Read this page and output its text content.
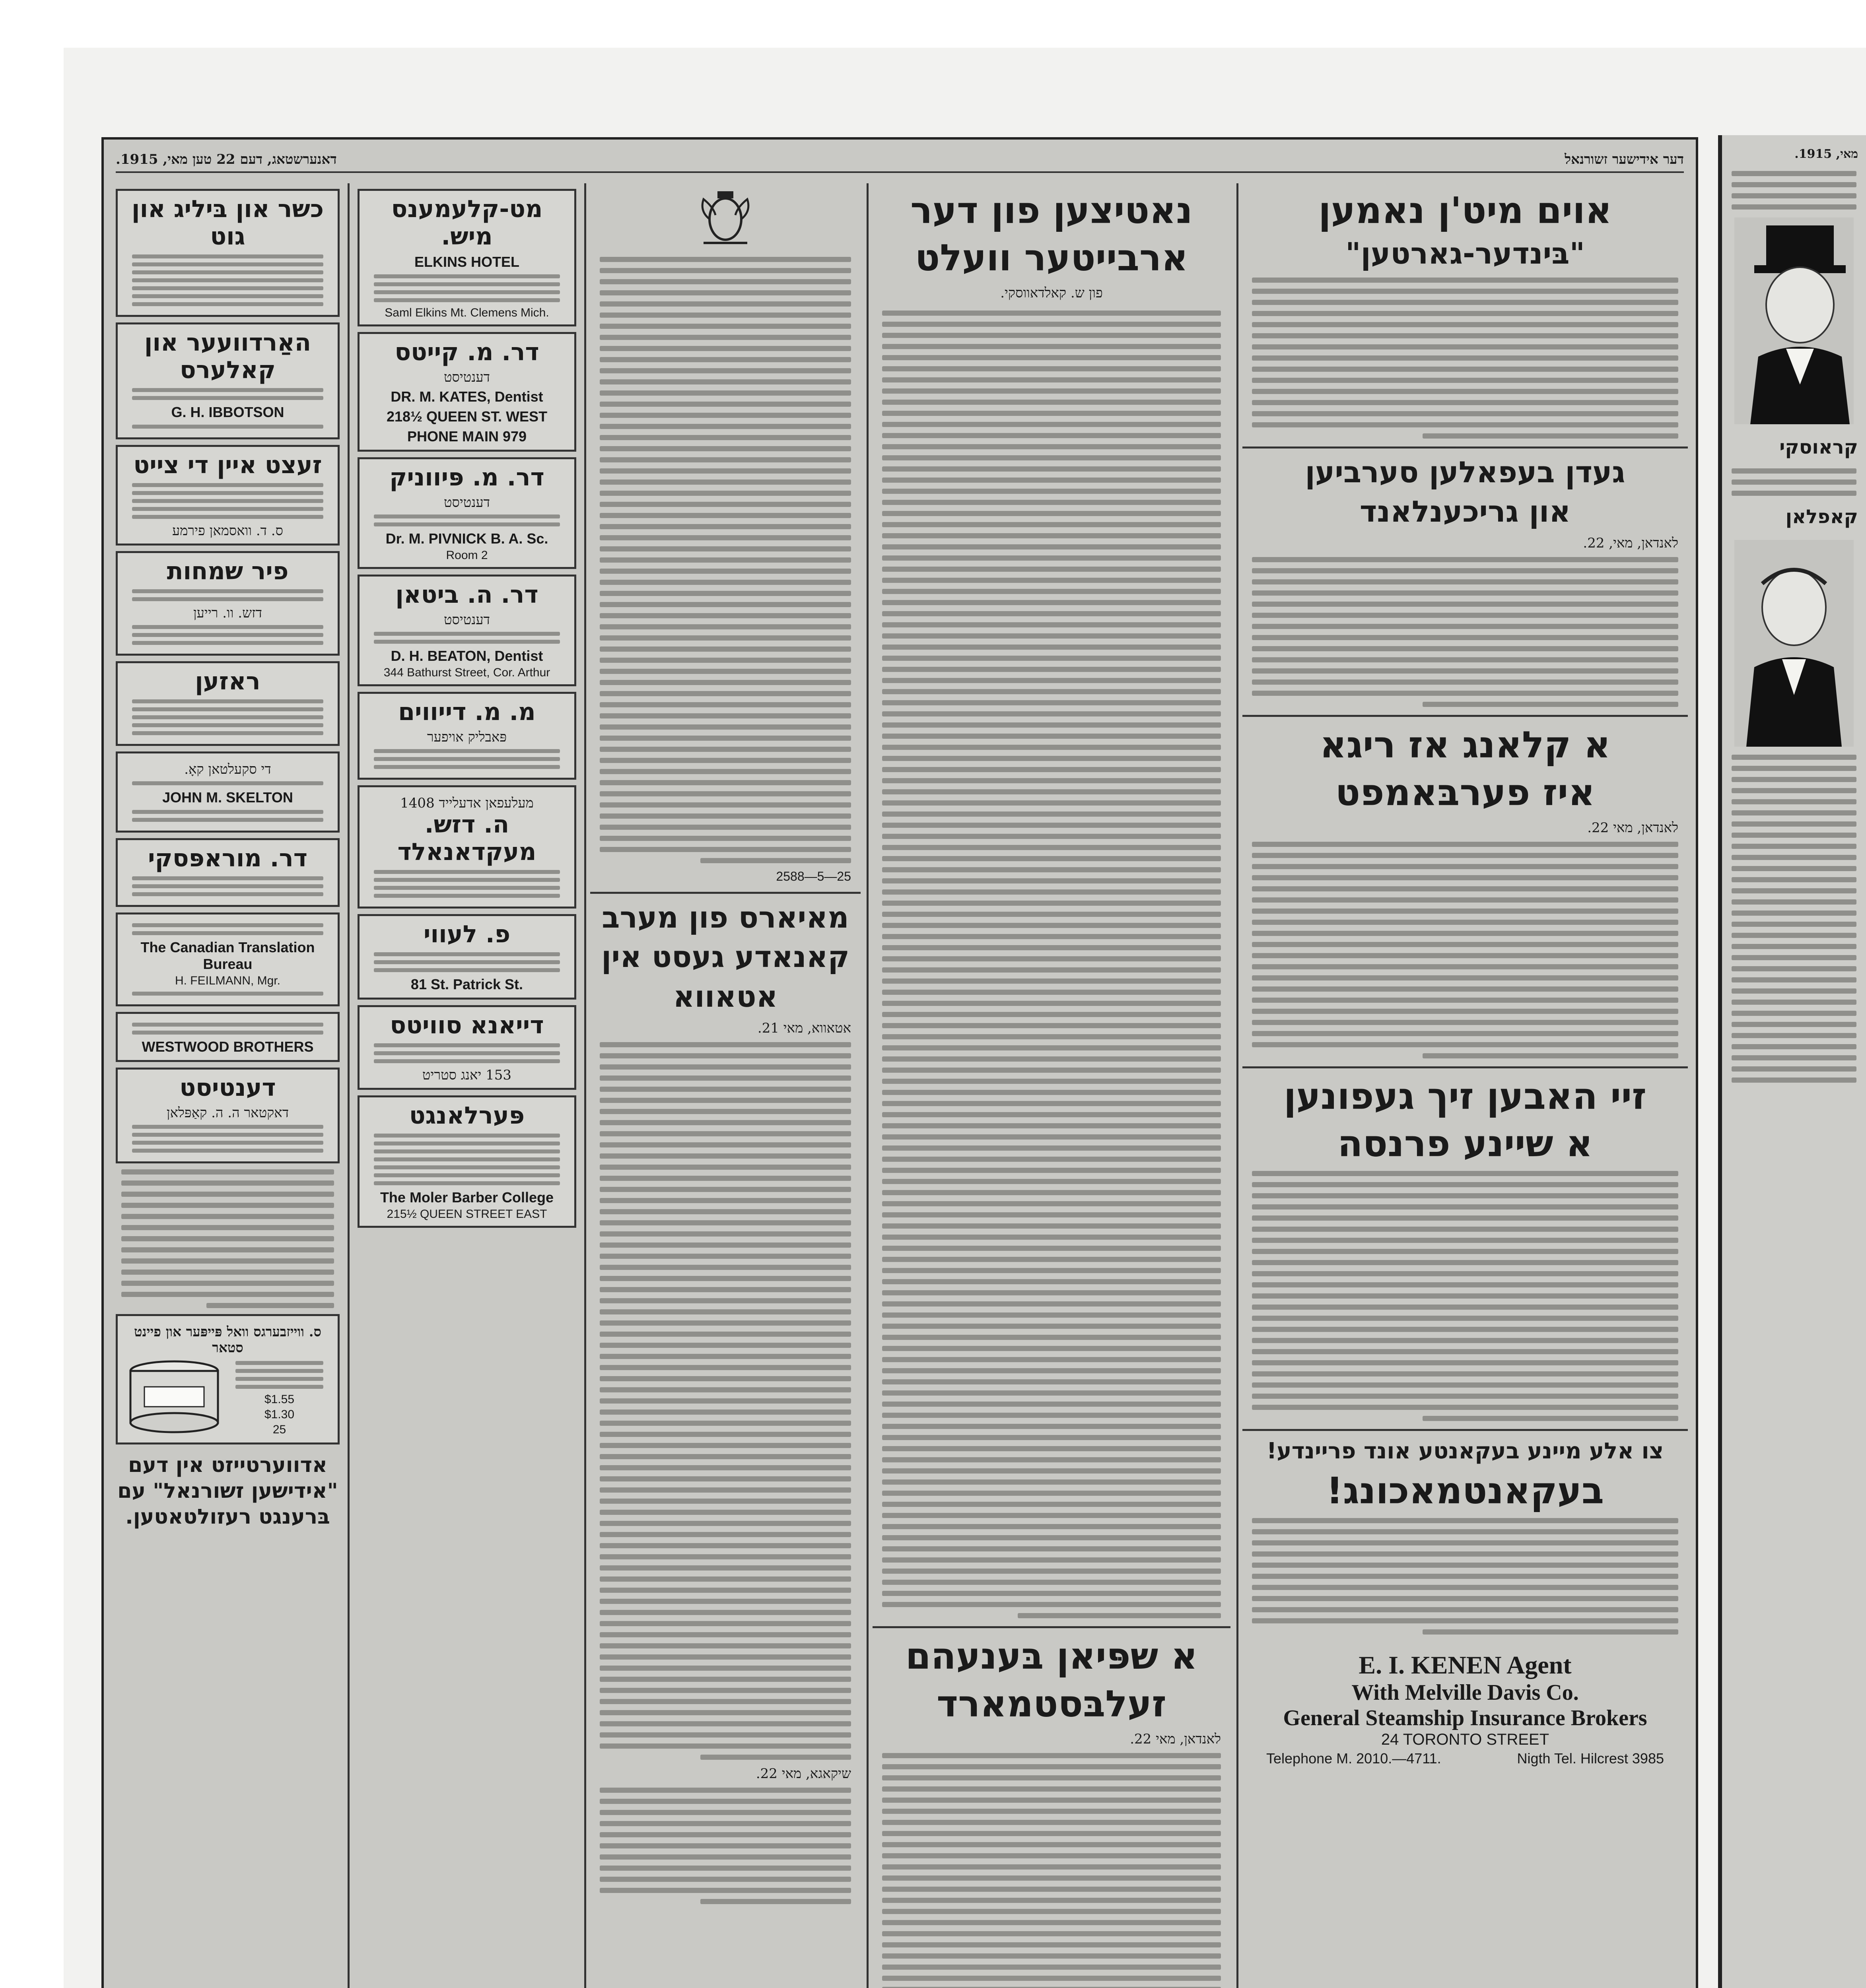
דער אידישער זשורנאל
דאנערשטאג, דעם 22 טען מאי, 1915.
אוים מיט'ן נאמען
"בּינדער-גארטען"
געדן בעפאלען סערביען
און גריכענלאנד
לאנדאן, מאי, 22.
א קלאנג אז ריגא
איז פערבּאמפט
לאנדאן, מאי 22.
זיי האבען זיך געפונען
א שיינע פרנסה
צו אלע מיינע בעקאנטע אונד פריינדע!
בעקאנטמאכונג!
E. I. KENEN Agent
With Melville Davis Co.
General Steamship Insurance Brokers
24 TORONTO STREET
Telephone M. 2010.—4711.	Nigth Tel. Hilcrest 3985
נאטיצען פון דער
ארבייטער וועלט
פון ש. קאלדאווסקי.
א שפּיאן בּענעהם
זעלבּסטמארד
לאנדאן, מאי 22.
2588—5—25
מאיארס פון מערב
קאנאדע געסט אין
אטאווא
אטאווא, מאי 21.
שיקאגא, מאי 22.
מט-קלעמענס מיש.
ELKINS HOTEL
Saml Elkins Mt. Clemens Mich.
דר. מ. קייטס
דענטיסט
DR. M. KATES, Dentist
218½ QUEEN ST. WEST
PHONE MAIN 979
דר. מ. פּיווניק
דענטיסט
Dr. M. PIVNICK B. A. Sc.
Room 2
דר. ה. ביטאן
דענטיסט
D. H. BEATON, Dentist
344 Bathurst Street, Cor. Arthur
מ. מ. דייווים
פּאבליק אויפער
מעלעפאן אדעלייד 1408
ה. דזש. מעקדאנאלד
פ. לעווי
81 St. Patrick St.
דייאנא סוויטס
153 יאנג סטריט
פּערלאנגט
The Moler Barber College
215½ QUEEN STREET EAST
כשר און בּיליג און גוט
האַרדוועער און קאלערס
G. H. IBBOTSON
זעצט איין די צייט
ס. ד. וואסמאן פירמע
פיר שמחות
דזש. וו. רייען
ראזען
די סקעלטאן קאָ.
JOHN M. SKELTON
דר. מוראפּסקי
The Canadian Translation Bureau
H. FEILMANN, Mgr.
WESTWOOD BROTHERS
דענטיסט
דאקטאר ה. ה. קאַפּלאן
ס. ווייזבערגס וואל פּייפּער און פיינט סטאר
$1.55
$1.30
25
אדווערטייזט אין דעם "אידישען זשורנאל" עם בּרענגט רעזולטאטען.
מאי, 1915.
קראוסקי
קאפלאן
